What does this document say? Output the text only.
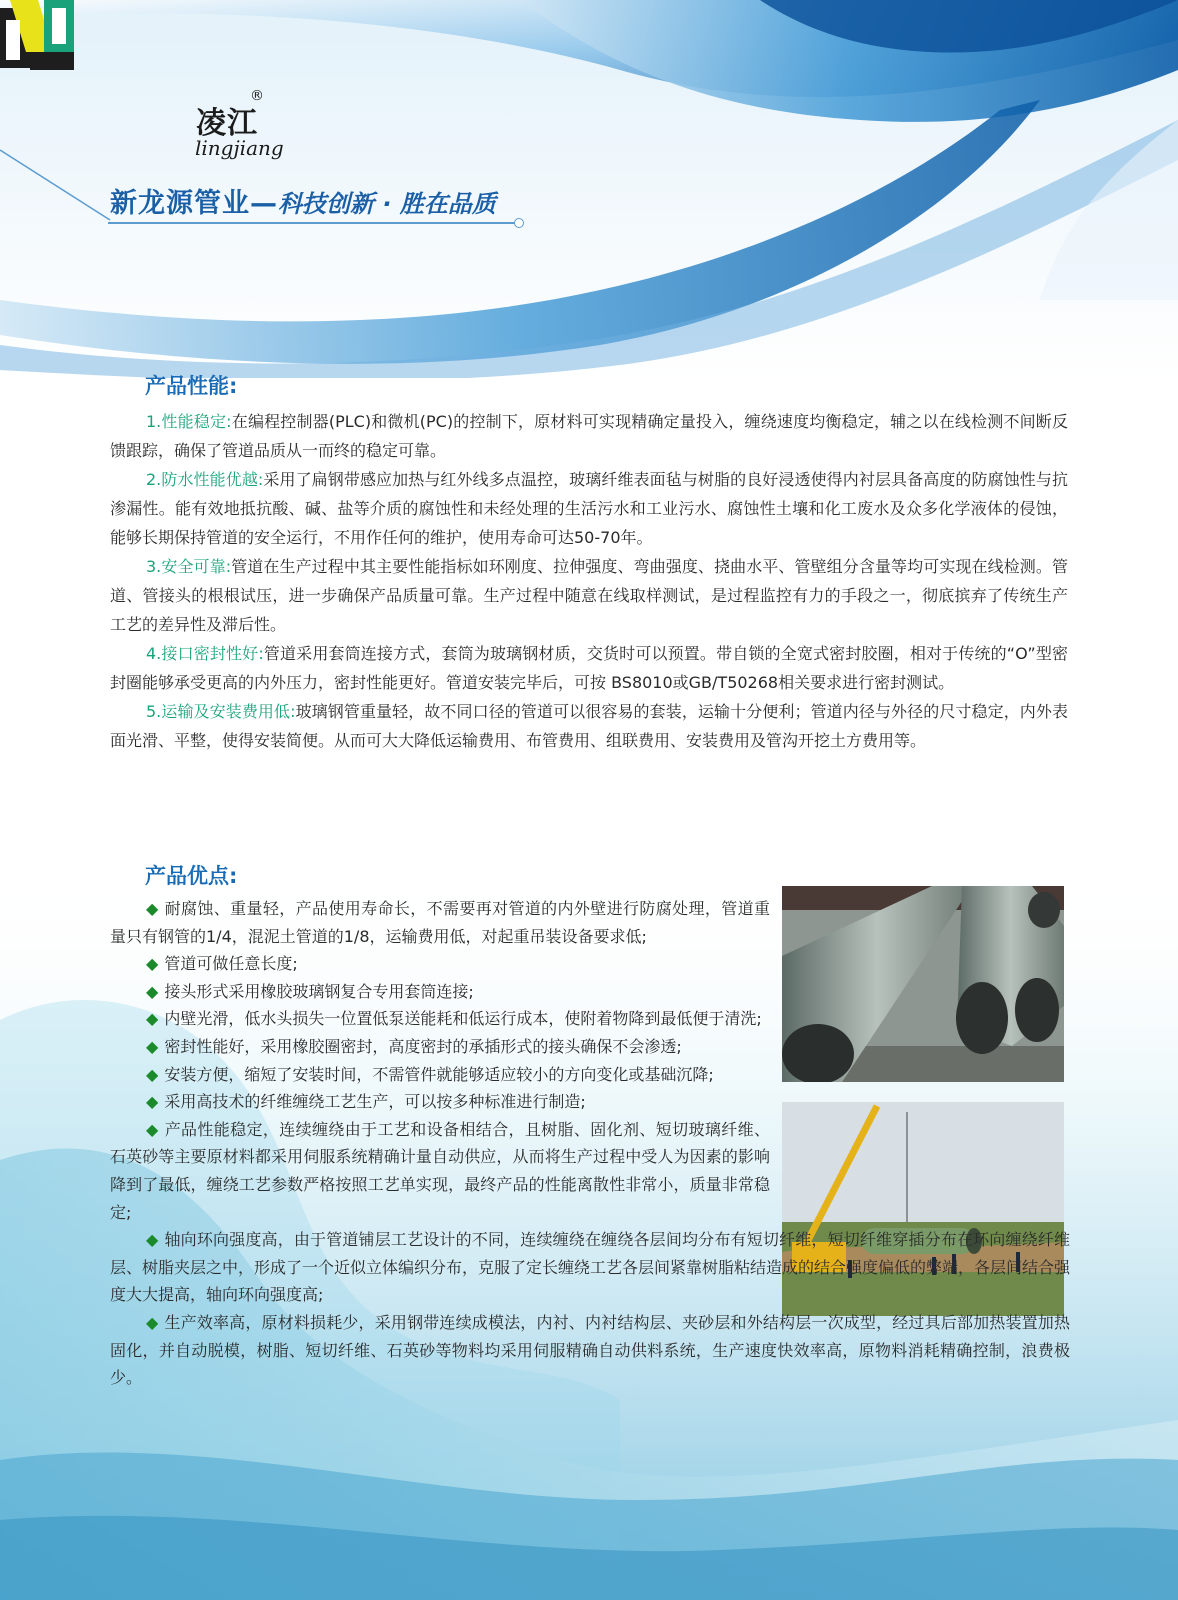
凌江
®
lingjiang
新龙源管业—科技创新 · 胜在品质
产品性能:

1.性能稳定:在编程控制器(PLC)和微机(PC)的控制下，原材料可实现精确定量投入，缠绕速度均衡稳定，辅之以在线检测不间断反馈跟踪，确保了管道品质从一而终的稳定可靠。

2.防水性能优越:采用了扁钢带感应加热与红外线多点温控，玻璃纤维表面毡与树脂的良好浸透使得内衬层具备高度的防腐蚀性与抗渗漏性。能有效地抵抗酸、碱、盐等介质的腐蚀性和未经处理的生活污水和工业污水、腐蚀性土壤和化工废水及众多化学液体的侵蚀，能够长期保持管道的安全运行，不用作任何的维护，使用寿命可达50-70年。

3.安全可靠:管道在生产过程中其主要性能指标如环刚度、拉伸强度、弯曲强度、挠曲水平、管壁组分含量等均可实现在线检测。管道、管接头的根根试压，进一步确保产品质量可靠。生产过程中随意在线取样测试，是过程监控有力的手段之一，彻底摈弃了传统生产工艺的差异性及滞后性。

4.接口密封性好:管道采用套筒连接方式，套筒为玻璃钢材质，交货时可以预置。带自锁的全宽式密封胶圈，相对于传统的“O”型密封圈能够承受更高的内外压力，密封性能更好。管道安装完毕后，可按 BS8010或GB/T50268相关要求进行密封测试。

5.运输及安装费用低:玻璃钢管重量轻，故不同口径的管道可以很容易的套装，运输十分便利；管道内径与外径的尺寸稳定，内外表面光滑、平整，使得安装简便。从而可大大降低运输费用、布管费用、组联费用、安装费用及管沟开挖土方费用等。

产品优点:

◆ 耐腐蚀、重量轻，产品使用寿命长，不需要再对管道的内外壁进行防腐处理，管道重量只有钢管的1/4，混泥土管道的1/8，运输费用低，对起重吊装设备要求低;

◆ 管道可做任意长度;

◆ 接头形式采用橡胶玻璃钢复合专用套筒连接;

◆ 内壁光滑，低水头损失一位置低泵送能耗和低运行成本，使附着物降到最低便于清洗;

◆ 密封性能好，采用橡胶圈密封，高度密封的承插形式的接头确保不会渗透;

◆ 安装方便，缩短了安装时间，不需管件就能够适应较小的方向变化或基础沉降;

◆ 采用高技术的纤维缠绕工艺生产，可以按多种标准进行制造;

◆ 产品性能稳定，连续缠绕由于工艺和设备相结合，且树脂、固化剂、短切玻璃纤维、石英砂等主要原材料都采用伺服系统精确计量自动供应，从而将生产过程中受人为因素的影响降到了最低，缠绕工艺参数严格按照工艺单实现，最终产品的性能离散性非常小，质量非常稳定;

◆ 轴向环向强度高，由于管道铺层工艺设计的不同，连续缠绕在缠绕各层间均分布有短切纤维，短切纤维穿插分布在环向缠绕纤维层、树脂夹层之中，形成了一个近似立体编织分布，克服了定长缠绕工艺各层间紧靠树脂粘结造成的结合强度偏低的弊端，各层间结合强度大大提高，轴向环向强度高;

◆ 生产效率高，原材料损耗少，采用钢带连续成模法，内衬、内衬结构层、夹砂层和外结构层一次成型，经过具后部加热装置加热固化，并自动脱模，树脂、短切纤维、石英砂等物料均采用伺服精确自动供料系统，生产速度快效率高，原物料消耗精确控制，浪费极少。
